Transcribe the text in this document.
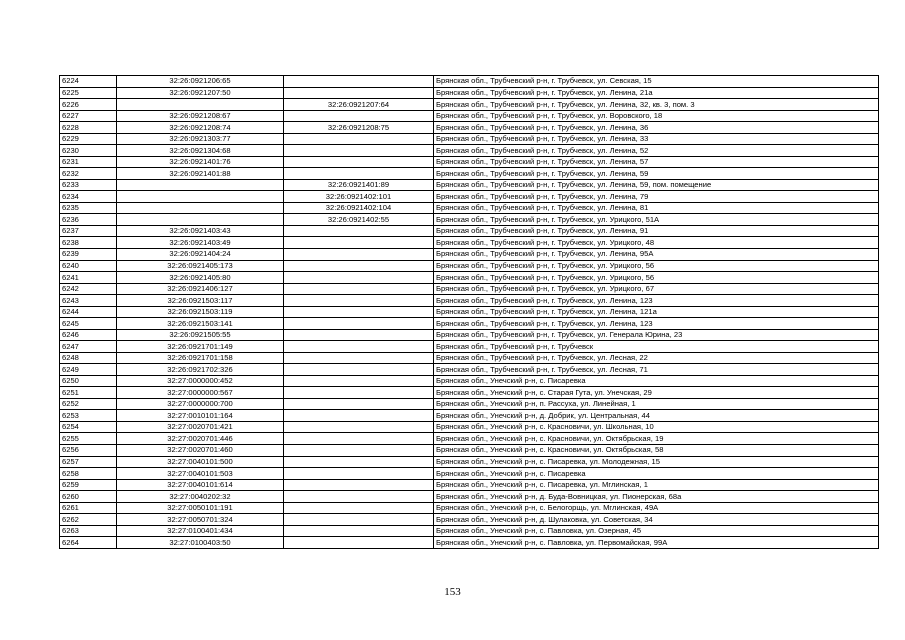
6224	32:26:0921206:65		Брянская обл., Трубчевский р-н, г. Трубчевск, ул. Севская, 15
6225	32:26:0921207:50		Брянская обл., Трубчевский р-н, г. Трубчевск, ул. Ленина, 21а
6226		32:26:0921207:64	Брянская обл., Трубчевский р-н, г. Трубчевск, ул. Ленина, 32, кв. 3, пом. 3
6227	32:26:0921208:67		Брянская обл., Трубчевский р-н, г. Трубчевск, ул. Воровского, 18
6228	32:26:0921208:74	32:26:0921208:75	Брянская обл., Трубчевский р-н, г. Трубчевск, ул. Ленина, 36
6229	32:26:0921303:77		Брянская обл., Трубчевский р-н, г. Трубчевск, ул. Ленина, 33
6230	32:26:0921304:68		Брянская обл., Трубчевский р-н, г. Трубчевск, ул. Ленина, 52
6231	32:26:0921401:76		Брянская обл., Трубчевский р-н, г. Трубчевск, ул. Ленина, 57
6232	32:26:0921401:88		Брянская обл., Трубчевский р-н, г. Трубчевск, ул. Ленина, 59
6233		32:26:0921401:89	Брянская обл., Трубчевский р-н, г. Трубчевск, ул. Ленина, 59, пом. помещение
6234		32:26:0921402:101	Брянская обл., Трубчевский р-н, г. Трубчевск, ул. Ленина, 79
6235		32:26:0921402:104	Брянская обл., Трубчевский р-н, г. Трубчевск, ул. Ленина, 81
6236		32:26:0921402:55	Брянская обл., Трубчевский р-н, г. Трубчевск, ул. Урицкого, 51А
6237	32:26:0921403:43		Брянская обл., Трубчевский р-н, г. Трубчевск, ул. Ленина, 91
6238	32:26:0921403:49		Брянская обл., Трубчевский р-н, г. Трубчевск, ул. Урицкого, 48
6239	32:26:0921404:24		Брянская обл., Трубчевский р-н, г. Трубчевск, ул. Ленина, 95А
6240	32:26:0921405:173		Брянская обл., Трубчевский р-н, г. Трубчевск, ул. Урицкого, 56
6241	32:26:0921405:80		Брянская обл., Трубчевский р-н, г. Трубчевск, ул. Урицкого, 56
6242	32:26:0921406:127		Брянская обл., Трубчевский р-н, г. Трубчевск, ул. Урицкого, 67
6243	32:26:0921503:117		Брянская обл., Трубчевский р-н, г. Трубчевск, ул. Ленина, 123
6244	32:26:0921503:119		Брянская обл., Трубчевский р-н, г. Трубчевск, ул. Ленина, 121а
6245	32:26:0921503:141		Брянская обл., Трубчевский р-н, г. Трубчевск, ул. Ленина, 123
6246	32:26:0921505:55		Брянская обл., Трубчевский р-н, г. Трубчевск, ул. Генерала Юрина, 23
6247	32:26:0921701:149		Брянская обл., Трубчевский р-н, г. Трубчевск
6248	32:26:0921701:158		Брянская обл., Трубчевский р-н, г. Трубчевск, ул. Лесная, 22
6249	32:26:0921702:326		Брянская обл., Трубчевский р-н, г. Трубчевск, ул. Лесная, 71
6250	32:27:0000000:452		Брянская обл., Унечский р-н, с. Писаревка
6251	32:27:0000000:567		Брянская обл., Унечский р-н, с. Старая Гута, ул. Унечская, 29
6252	32:27:0000000:700		Брянская обл., Унечский р-н, п. Рассуха, ул. Линейная, 1
6253	32:27:0010101:164		Брянская обл., Унечский р-н, д. Добрик, ул. Центральная, 44
6254	32:27:0020701:421		Брянская обл., Унечский р-н, с. Красновичи, ул. Школьная, 10
6255	32:27:0020701:446		Брянская обл., Унечский р-н, с. Красновичи, ул. Октябрьская, 19
6256	32:27:0020701:460		Брянская обл., Унечский р-н, с. Красновичи, ул. Октябрьская, 58
6257	32:27:0040101:500		Брянская обл., Унечский р-н, с. Писаревка, ул. Молодежная, 15
6258	32:27:0040101:503		Брянская обл., Унечский р-н, с. Писаревка
6259	32:27:0040101:614		Брянская обл., Унечский р-н, с. Писаревка, ул. Мглинская, 1
6260	32:27:0040202:32		Брянская обл., Унечский р-н, д. Буда-Вовницкая, ул. Пионерская, 68а
6261	32:27:0050101:191		Брянская обл., Унечский р-н, с. Белогорщь, ул. Мглинская, 49А
6262	32:27:0050701:324		Брянская обл., Унечский р-н, д. Шулаковка, ул. Советская, 34
6263	32:27:0100401:434		Брянская обл., Унечский р-н, с. Павловка, ул. Озерная, 45
6264	32:27:0100403:50		Брянская обл., Унечский р-н, с. Павловка, ул. Первомайская, 99А
153
